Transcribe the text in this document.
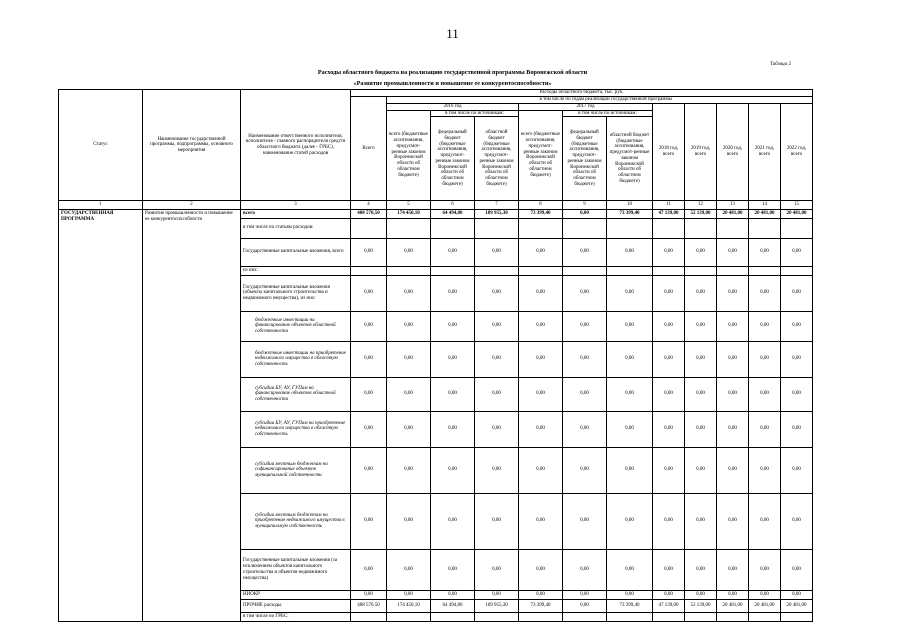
11
Таблица 2
Расходы областного бюджета на реализацию государственной программы Воронежской области
«Развитие промышленности и повышение ее конкурентоспособности»
Статус	Наименование государственной программы, подпрограммы, основного мероприятия	Наименование ответственного исполнителя, исполнителя - главного распорядителя средств областного бюджета (далее - ГРБС), наименование статей расходов	Расходы областного бюджета, тыс. руб.											
			Всего	в том числе по годам реализации государственной программы										
				2016 год			2017 год			2018 год, всего	2019 год, всего	2020 год, всего	2021 год, всего	2022 год, всего
				всего (бюджетные ассигнования, предусмот-ренные законом Воронежской области об областном бюджете)	в том числе по источникам:		всего (бюджетные ассигнования, предусмот-ренные законом Воронежской области об областном бюджете)	в том числе по источникам:						
					федеральный бюджет (бюджетные ассигнования, предусмот-ренные законом Воронежской области об областном бюджете)	областной бюджет (бюджетные ассигнования, предусмот-ренные законом Воронежской области об областном бюджете)		федеральный бюджет (бюджетные ассигнования, предусмот-ренные законом Воронежской области об областном бюджете)	областной бюджет (бюджетные ассигнования, предусмот-ренные законом Воронежской области об областном бюджете)					
1	2	3	4	5	6	7	8	9	10	11	12	13	14	15
ГОСУДАРСТВЕННАЯ ПРОГРАММА	Развитие промышленности и повышение ее конкурентоспособности	всего	408 570,50	174 450,10	64 494,80	109 955,30	73 399,40	0,00	73 399,40	47 139,00	52 139,00	20 481,00	20 481,00	20 481,00
		в том числе по статьям расходов:												
		Государственные капитальные вложения, всего	0,00	0,00	0,00	0,00	0,00	0,00	0,00	0,00	0,00	0,00	0,00	0,00
		из них:												
		Государственные капитальные вложения (объекты капитального строительства и недвижимого имущества), из них:	0,00	0,00	0,00	0,00	0,00	0,00	0,00	0,00	0,00	0,00	0,00	0,00
		бюджетные инвестиции на финансирование объектов областной собственности	0,00	0,00	0,00	0,00	0,00	0,00	0,00	0,00	0,00	0,00	0,00	0,00
		бюджетные инвестиции на приобретение недвижимого имущества в областную собственность	0,00	0,00	0,00	0,00	0,00	0,00	0,00	0,00	0,00	0,00	0,00	0,00
		субсидии БУ, АУ, ГУПам на финансирование объектов областной собственности	0,00	0,00	0,00	0,00	0,00	0,00	0,00	0,00	0,00	0,00	0,00	0,00
		субсидии БУ, АУ, ГУПам на приобретение недвижимого имущества в областную собственность	0,00	0,00	0,00	0,00	0,00	0,00	0,00	0,00	0,00	0,00	0,00	0,00
		субсидии местным бюджетам на софинансирование объектов муниципальной собственности	0,00	0,00	0,00	0,00	0,00	0,00	0,00	0,00	0,00	0,00	0,00	0,00
		субсидии местным бюджетам на приобретение недвижимого имущества в муниципальную собственность	0,00	0,00	0,00	0,00	0,00	0,00	0,00	0,00	0,00	0,00	0,00	0,00
		Государственные капитальные вложения (за исключением объектов капитального строительства и объектов недвижимого имущества)	0,00	0,00	0,00	0,00	0,00	0,00	0,00	0,00	0,00	0,00	0,00	0,00
		НИОКР	0,00	0,00	0,00	0,00	0,00	0,00	0,00	0,00	0,00	0,00	0,00	0,00
		ПРОЧИЕ расходы	408 570,50	174 450,10	64 494,80	109 955,30	73 399,40	0,00	73 399,40	47 139,00	52 139,00	20 481,00	20 481,00	20 481,00
		в том числе по ГРБС:												
